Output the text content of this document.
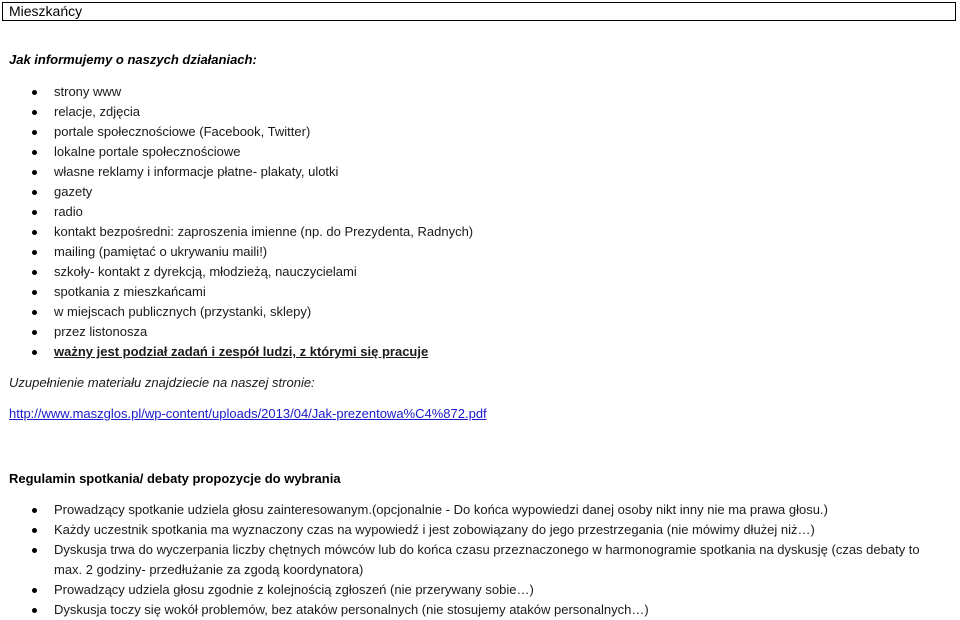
Mieszkańcy
Jak informujemy o naszych działaniach:
strony www
relacje, zdjęcia
portale społecznościowe (Facebook, Twitter)
lokalne portale społecznościowe
własne reklamy i informacje płatne- plakaty, ulotki
gazety
radio
kontakt bezpośredni: zaproszenia imienne (np. do Prezydenta, Radnych)
mailing (pamiętać o ukrywaniu maili!)
szkoły- kontakt z dyrekcją, młodzieżą, nauczycielami
spotkania z mieszkańcami
w miejscach publicznych (przystanki, sklepy)
przez listonosza
ważny jest podział zadań i zespół ludzi, z którymi się pracuje
Uzupełnienie materiału znajdziecie na naszej stronie:
http://www.maszglos.pl/wp-content/uploads/2013/04/Jak-prezentowa%C4%872.pdf
Regulamin spotkania/ debaty propozycje do wybrania
Prowadzący spotkanie udziela głosu zainteresowanym.(opcjonalnie - Do końca wypowiedzi danej osoby nikt inny nie ma prawa głosu.)
Każdy uczestnik spotkania ma wyznaczony czas na wypowiedź i jest zobowiązany do jego przestrzegania (nie mówimy dłużej niż…)
Dyskusja trwa do wyczerpania liczby chętnych mówców lub do końca czasu przeznaczonego w harmonogramie spotkania na dyskusję (czas debaty to max. 2 godziny- przedłużanie za zgodą koordynatora)
Prowadzący udziela głosu zgodnie z kolejnością zgłoszeń (nie przerywany sobie…)
Dyskusja toczy się wokół problemów, bez ataków personalnych (nie stosujemy ataków personalnych…)
